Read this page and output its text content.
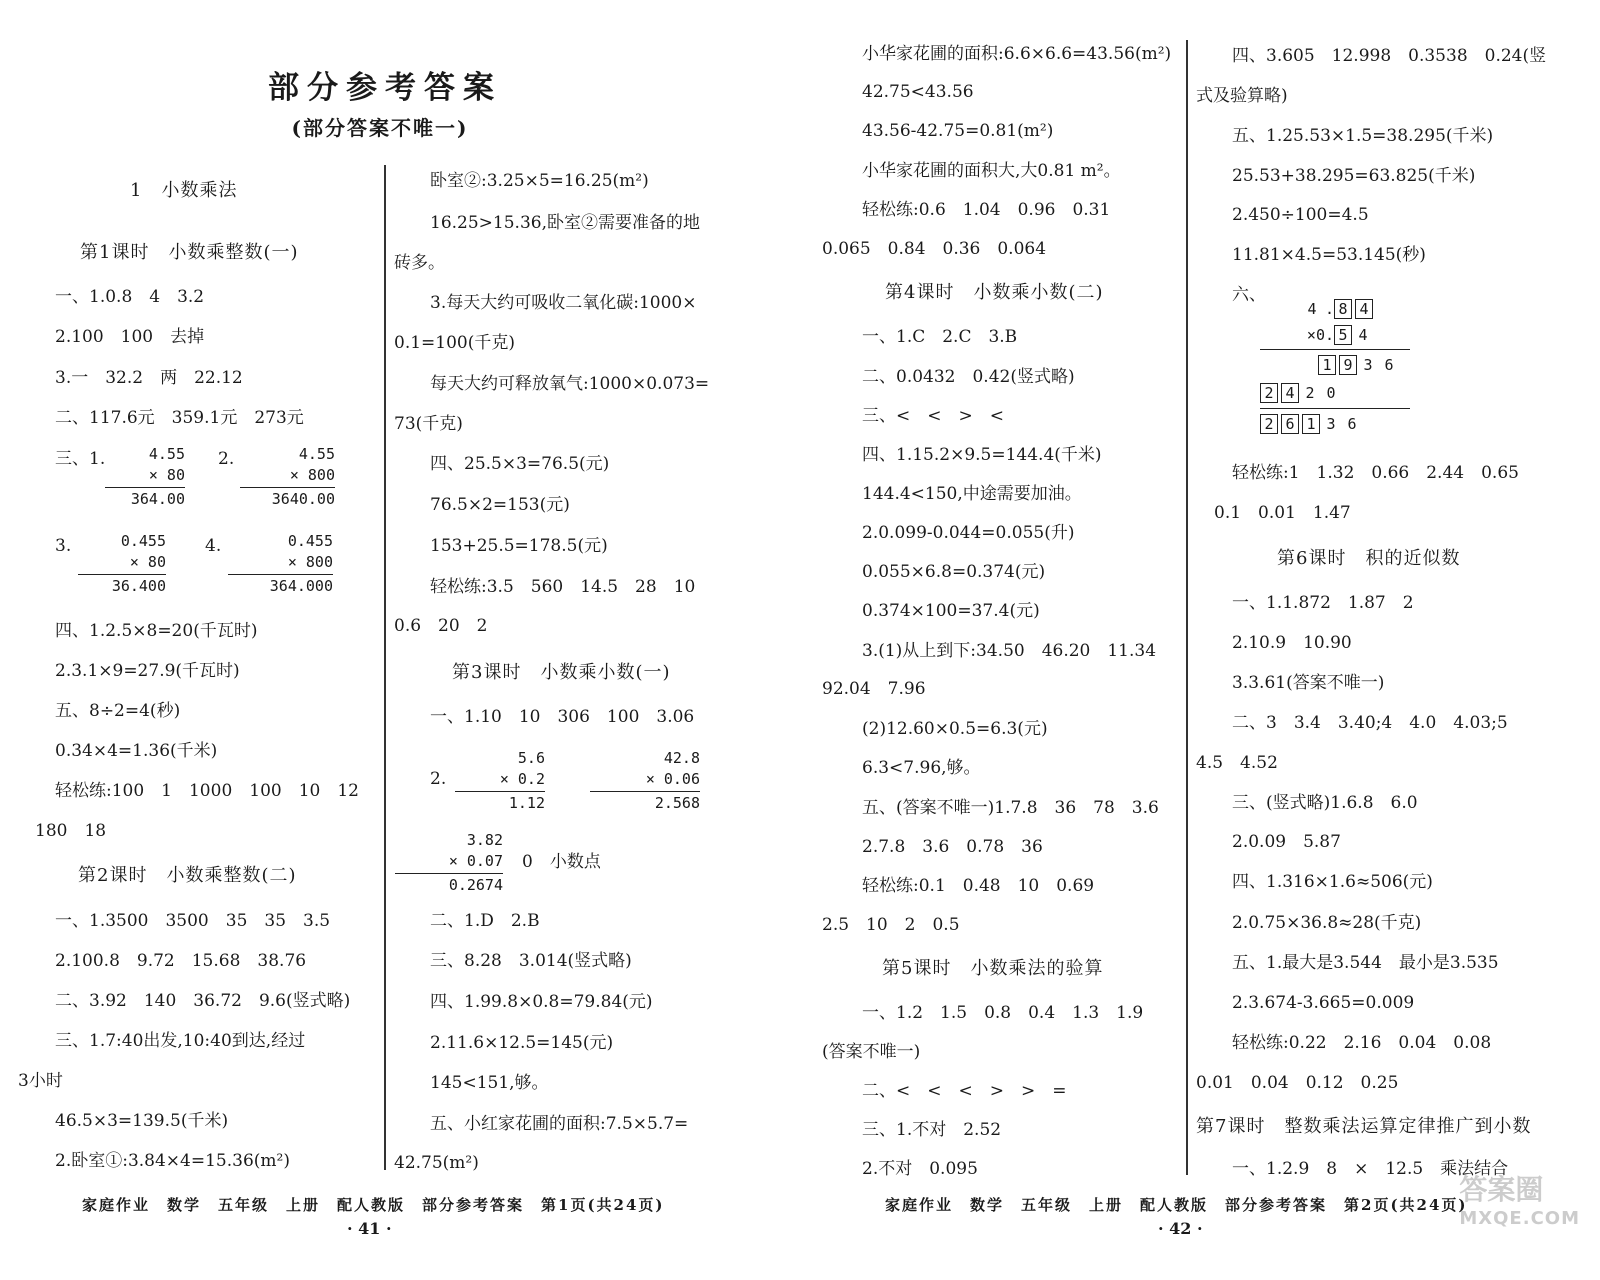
部分参考答案
(部分答案不唯一)
1　小数乘法
第1课时　小数乘整数(一)
一、1.0.8　4　3.2
2.100　100　去掉
3.一　32.2　两　22.12
二、117.6元　359.1元　273元
三、1.
3.
四、1.2.5×8=20(千瓦时)
2.3.1×9=27.9(千瓦时)
五、8÷2=4(秒)
0.34×4=1.36(千米)
轻松练:100　1　1000　100　10　12
180　18
第2课时　小数乘整数(二)
一、1.3500　3500　35　35　3.5
2.100.8　9.72　15.68　38.76
二、3.92　140　36.72　9.6(竖式略)
三、1.7:40出发,10:40到达,经过
3小时
46.5×3=139.5(千米)
2.卧室①:3.84×4=15.36(m²)
4.55
× 80
364.00
2.	4.55
× 800
3640.00
0.455
× 80
36.400
4.	0.455
× 800
364.000
卧室②:3.25×5=16.25(m²)
16.25>15.36,卧室②需要准备的地
砖多。
3.每天大约可吸收二氧化碳:1000×
0.1=100(千克)
每天大约可释放氧气:1000×0.073=
73(千克)
四、25.5×3=76.5(元)
76.5×2=153(元)
153+25.5=178.5(元)
轻松练:3.5　560　14.5　28　10
0.6　20　2
第3课时　小数乘小数(一)
一、1.10　10　306　100　3.06
2.
0　小数点
二、1.D　2.B
三、8.28　3.014(竖式略)
四、1.99.8×0.8=79.84(元)
2.11.6×12.5=145(元)
145<151,够。
五、小红家花圃的面积:7.5×5.7=
42.75(m²)
5.6
× 0.2
1.12
42.8
× 0.06
2.568
3.82
× 0.07
0.2674
家庭作业　数学　五年级　上册　配人教版　部分参考答案　第1页(共24页)
· 41 ·
小华家花圃的面积:6.6×6.6=43.56(m²)
42.75<43.56
43.56-42.75=0.81(m²)
小华家花圃的面积大,大0.81 m²。
轻松练:0.6　1.04　0.96　0.31
0.065　0.84　0.36　0.064
第4课时　小数乘小数(二)
一、1.C　2.C　3.B
二、0.0432　0.42(竖式略)
三、<　<　>　<
四、1.15.2×9.5=144.4(千米)
144.4<150,中途需要加油。
2.0.099-0.044=0.055(升)
0.055×6.8=0.374(元)
0.374×100=37.4(元)
3.(1)从上到下:34.50　46.20　11.34
92.04　7.96
(2)12.60×0.5=6.3(元)
6.3<7.96,够。
五、(答案不唯一)1.7.8　36　78　3.6
2.7.8　3.6　0.78　36
轻松练:0.1　0.48　10　0.69
2.5　10　2　0.5
第5课时　小数乘法的验算
一、1.2　1.5　0.8　0.4　1.3　1.9
(答案不唯一)
二、<　<　<　>　>　=
三、1.不对　2.52
2.不对　0.095
四、3.605　12.998　0.3538　0.24(竖
式及验算略)
五、1.25.53×1.5=38.295(千米)
25.53+38.295=63.825(千米)
2.450÷100=4.5
11.81×4.5=53.145(秒)
六、
轻松练:1　1.32　0.66　2.44　0.65
0.1　0.01　1.47
第6课时　积的近似数
一、1.1.872　1.87　2
2.10.9　10.90
3.3.61(答案不唯一)
二、3　3.4　3.40;4　4.0　4.03;5
4.5　4.52
三、(竖式略)1.6.8　6.0
2.0.09　5.87
四、1.316×1.6≈506(元)
2.0.75×36.8≈28(千克)
五、1.最大是3.544　最小是3.535
2.3.674-3.665=0.009
轻松练:0.22　2.16　0.04　0.08
0.01　0.04　0.12　0.25
第7课时　整数乘法运算定律推广到小数
一、1.2.9　8　×　12.5　乘法结合
4 . 8 4
×0. 5 4
1 9 3 6
2 4 2 0
2 6 1 3 6
家庭作业　数学　五年级　上册　配人教版　部分参考答案　第2页(共24页)
· 42 ·
答案圈
MXQE.COM
